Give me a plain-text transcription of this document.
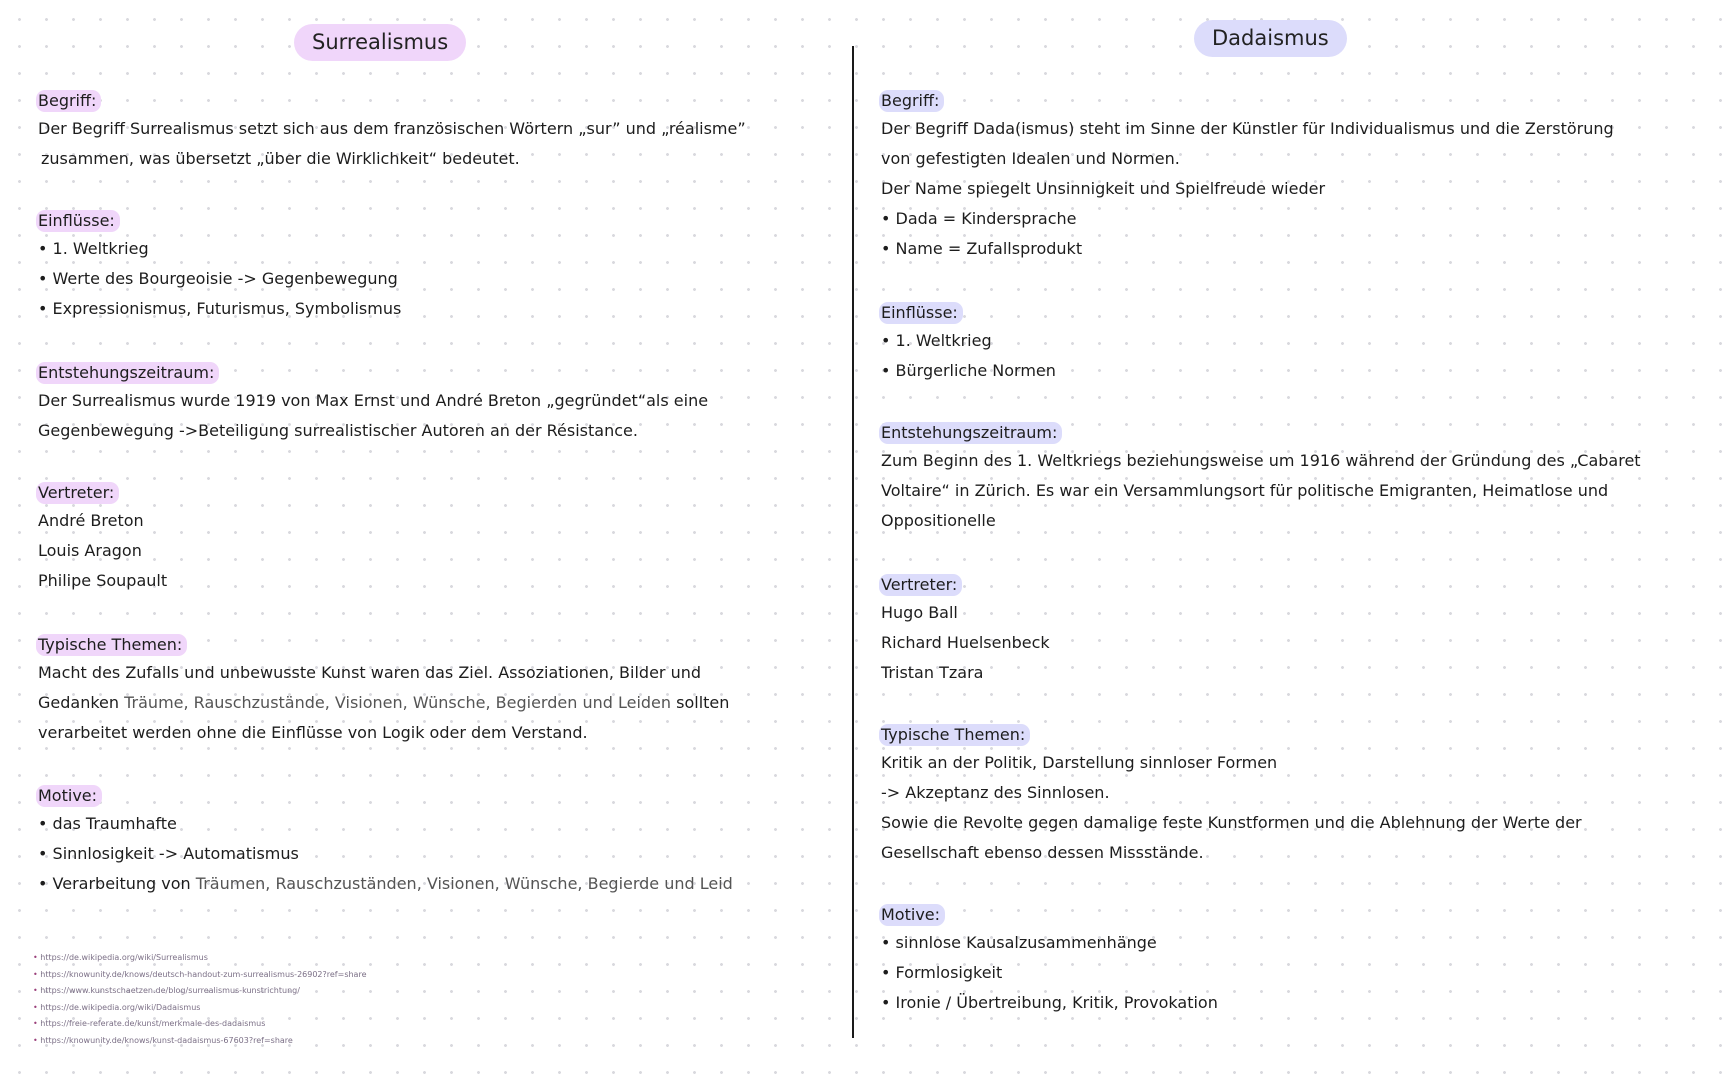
Surrealismus	Dadaismus
Begriff:
Der Begriff Surrealismus setzt sich aus dem französischen Wörtern „sur” und „réalisme”
zusammen, was übersetzt „über die Wirklichkeit“ bedeutet.
Einflüsse:
• 1. Weltkrieg
• Werte des Bourgeoisie -> Gegenbewegung
• Expressionismus, Futurismus, Symbolismus
Entstehungszeitraum:
Der Surrealismus wurde 1919 von Max Ernst und André Breton „gegründet“als eine
Gegenbewegung ->Beteiligung surrealistischer Autoren an der Résistance.
Vertreter:
André Breton
Louis Aragon
Philipe Soupault
Typische Themen:
Macht des Zufalls und unbewusste Kunst waren das Ziel. Assoziationen, Bilder und
Gedanken Träume, Rauschzustände, Visionen, Wünsche, Begierden und Leiden sollten
verarbeitet werden ohne die Einflüsse von Logik oder dem Verstand.
Motive:
• das Traumhafte
• Sinnlosigkeit -> Automatismus
• Verarbeitung von Träumen, Rauschzuständen, Visionen, Wünsche, Begierde und Leid
• https://de.wikipedia.org/wiki/Surrealismus
• https://knowunity.de/knows/deutsch-handout-zum-surrealismus-26902?ref=share
• https://www.kunstschaetzen.de/blog/surrealismus-kunstrichtung/
• https://de.wikipedia.org/wiki/Dadaismus
• https://freie-referate.de/kunst/merkmale-des-dadaismus
• https://knowunity.de/knows/kunst-dadaismus-67603?ref=share
Begriff:
Der Begriff Dada(ismus) steht im Sinne der Künstler für Individualismus und die Zerstörung
von gefestigten Idealen und Normen.
Der Name spiegelt Unsinnigkeit und Spielfreude wieder
• Dada = Kindersprache
• Name = Zufallsprodukt
Einflüsse:
• 1. Weltkrieg
• Bürgerliche Normen
Entstehungszeitraum:
Zum Beginn des 1. Weltkriegs beziehungsweise um 1916 während der Gründung des „Cabaret
Voltaire“ in Zürich. Es war ein Versammlungsort für politische Emigranten, Heimatlose und
Oppositionelle
Vertreter:
Hugo Ball
Richard Huelsenbeck
Tristan Tzara
Typische Themen:
Kritik an der Politik, Darstellung sinnloser Formen
-> Akzeptanz des Sinnlosen.
Sowie die Revolte gegen damalige feste Kunstformen und die Ablehnung der Werte der
Gesellschaft ebenso dessen Missstände.
Motive:
• sinnlose Kausalzusammenhänge
• Formlosigkeit
• Ironie / Übertreibung, Kritik, Provokation
